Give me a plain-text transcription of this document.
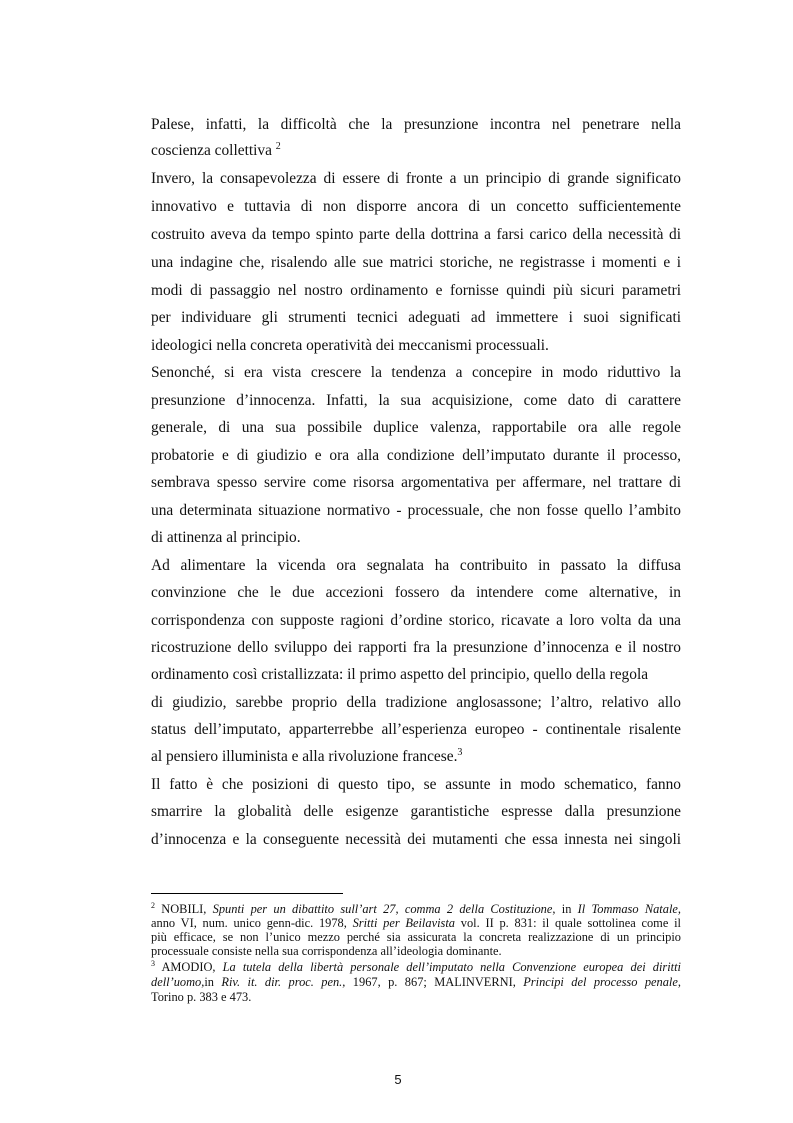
Palese, infatti, la difficoltà che la presunzione incontra nel penetrare nella

coscienza collettiva $^2$

Invero, la consapevolezza di essere di fronte a un principio di grande significato

innovativo e tuttavia di non disporre ancora di un concetto sufficientemente

costruito aveva da tempo spinto parte della dottrina a farsi carico della necessità di

una indagine che, risalendo alle sue matrici storiche, ne registrasse i momenti e i

modi di passaggio nel nostro ordinamento e fornisse quindi più sicuri parametri

per individuare gli strumenti tecnici adeguati ad immettere i suoi significati

ideologici nella concreta operatività dei meccanismi processuali.

Senonché, si era vista crescere la tendenza a concepire in modo riduttivo la

presunzione d’innocenza. Infatti, la sua acquisizione, come dato di carattere

generale, di una sua possibile duplice valenza, rapportabile ora alle regole

probatorie e di giudizio e ora alla condizione dell’imputato durante il processo,

sembrava spesso servire come risorsa argomentativa per affermare, nel trattare di

una determinata situazione normativo - processuale, che non fosse quello l’ambito

di attinenza al principio.

Ad alimentare la vicenda ora segnalata ha contribuito in passato la diffusa

convinzione che le due accezioni fossero da intendere come alternative, in

corrispondenza con supposte ragioni d’ordine storico, ricavate a loro volta da una

ricostruzione dello sviluppo dei rapporti fra la presunzione d’innocenza e il nostro

ordinamento così cristallizzata: il primo aspetto del principio, quello della regola

di giudizio, sarebbe proprio della tradizione anglosassone; l’altro, relativo allo

status dell’imputato, apparterrebbe all’esperienza europeo - continentale risalente

al pensiero illuminista e alla rivoluzione francese.$^3$

Il fatto è che posizioni di questo tipo, se assunte in modo schematico, fanno

smarrire la globalità delle esigenze garantistiche espresse dalla presunzione

d’innocenza e la conseguente necessità dei mutamenti che essa innesta nei singoli

$^2$ NOBILI, Spunti per un dibattito sull’art 27, comma 2 della Costituzione, in Il Tommaso Natale,

anno VI, num. unico genn-dic. 1978, Sritti per Beilavista vol. II p. 831: il quale sottolinea come il

più efficace, se non l’unico mezzo perché sia assicurata la concreta realizzazione di un principio

processuale consiste nella sua corrispondenza all’ideologia dominante.

$^3$ AMODIO, La tutela della libertà personale dell’imputato nella Convenzione europea dei diritti

dell’uomo,in Riv. it. dir. proc. pen., 1967, p. 867; MALINVERNI, Principi del processo penale,

Torino p. 383 e 473.

5
